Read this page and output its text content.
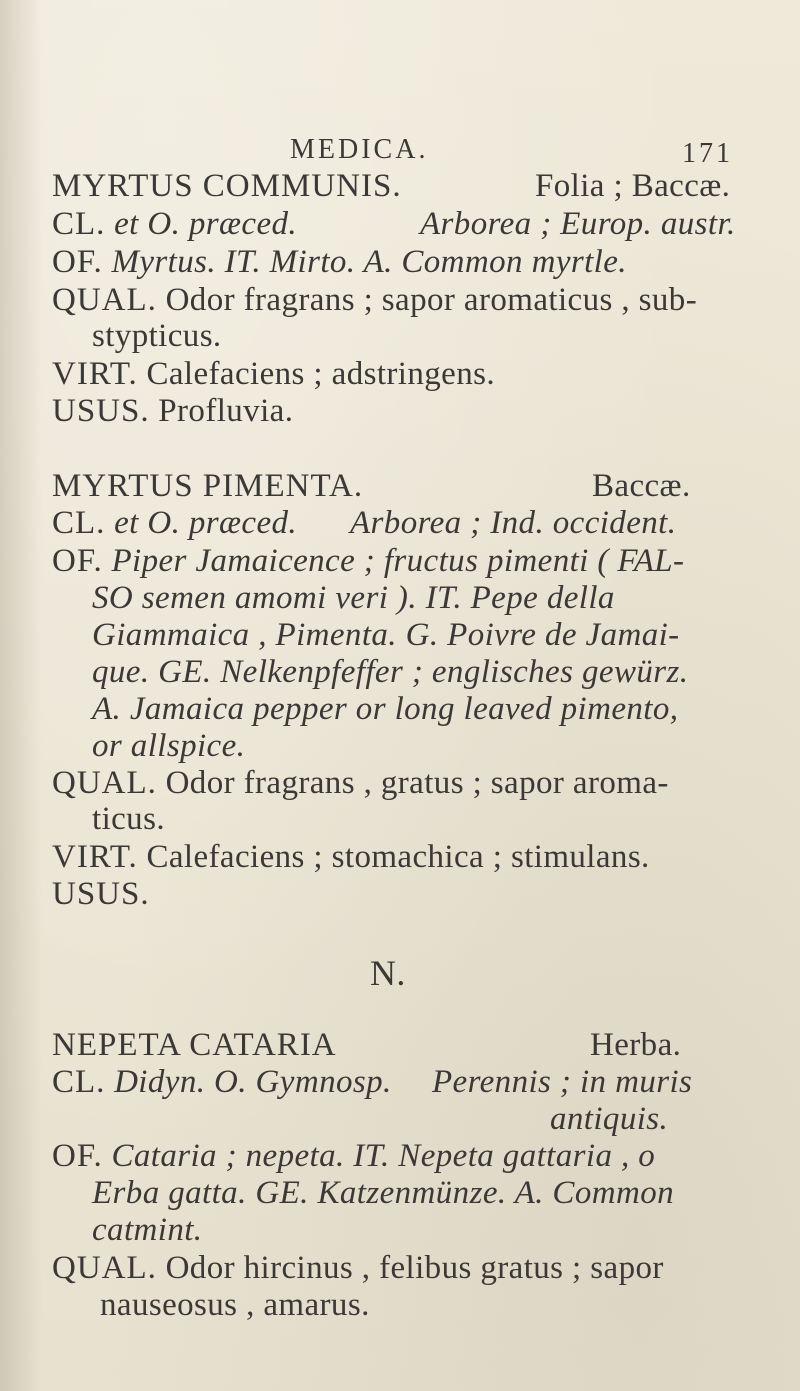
MEDICA.	171
MYRTUS COMMUNIS.	Folia ; Baccæ.
CL. et O. præced.	Arborea ; Europ. austr.
OF. Myrtus. IT. Mirto. A. Common myrtle.
QUAL. Odor fragrans ; sapor aromaticus , sub-
stypticus.
VIRT. Calefaciens ; adstringens.
USUS. Profluvia.
MYRTUS PIMENTA.	Baccæ.
CL. et O. præced. Arborea ; Ind. occident.
OF. Piper Jamaicence ; fructus pimenti ( FAL-
SO semen amomi veri ). IT. Pepe della
Giammaica , Pimenta. G. Poivre de Jamai-
que. GE. Nelkenpfeffer ; englisches gewürz.
A. Jamaica pepper or long leaved pimento,
or allspice.
QUAL. Odor fragrans , gratus ; sapor aroma-
ticus.
VIRT. Calefaciens ; stomachica ; stimulans.
USUS.
N.
NEPETA CATARIA	Herba.
CL. Didyn. O. Gymnosp. Perennis ; in muris
antiquis.
OF. Cataria ; nepeta. IT. Nepeta gattaria , o
Erba gatta. GE. Katzenmünze. A. Common
catmint.
QUAL. Odor hircinus , felibus gratus ; sapor
nauseosus , amarus.
